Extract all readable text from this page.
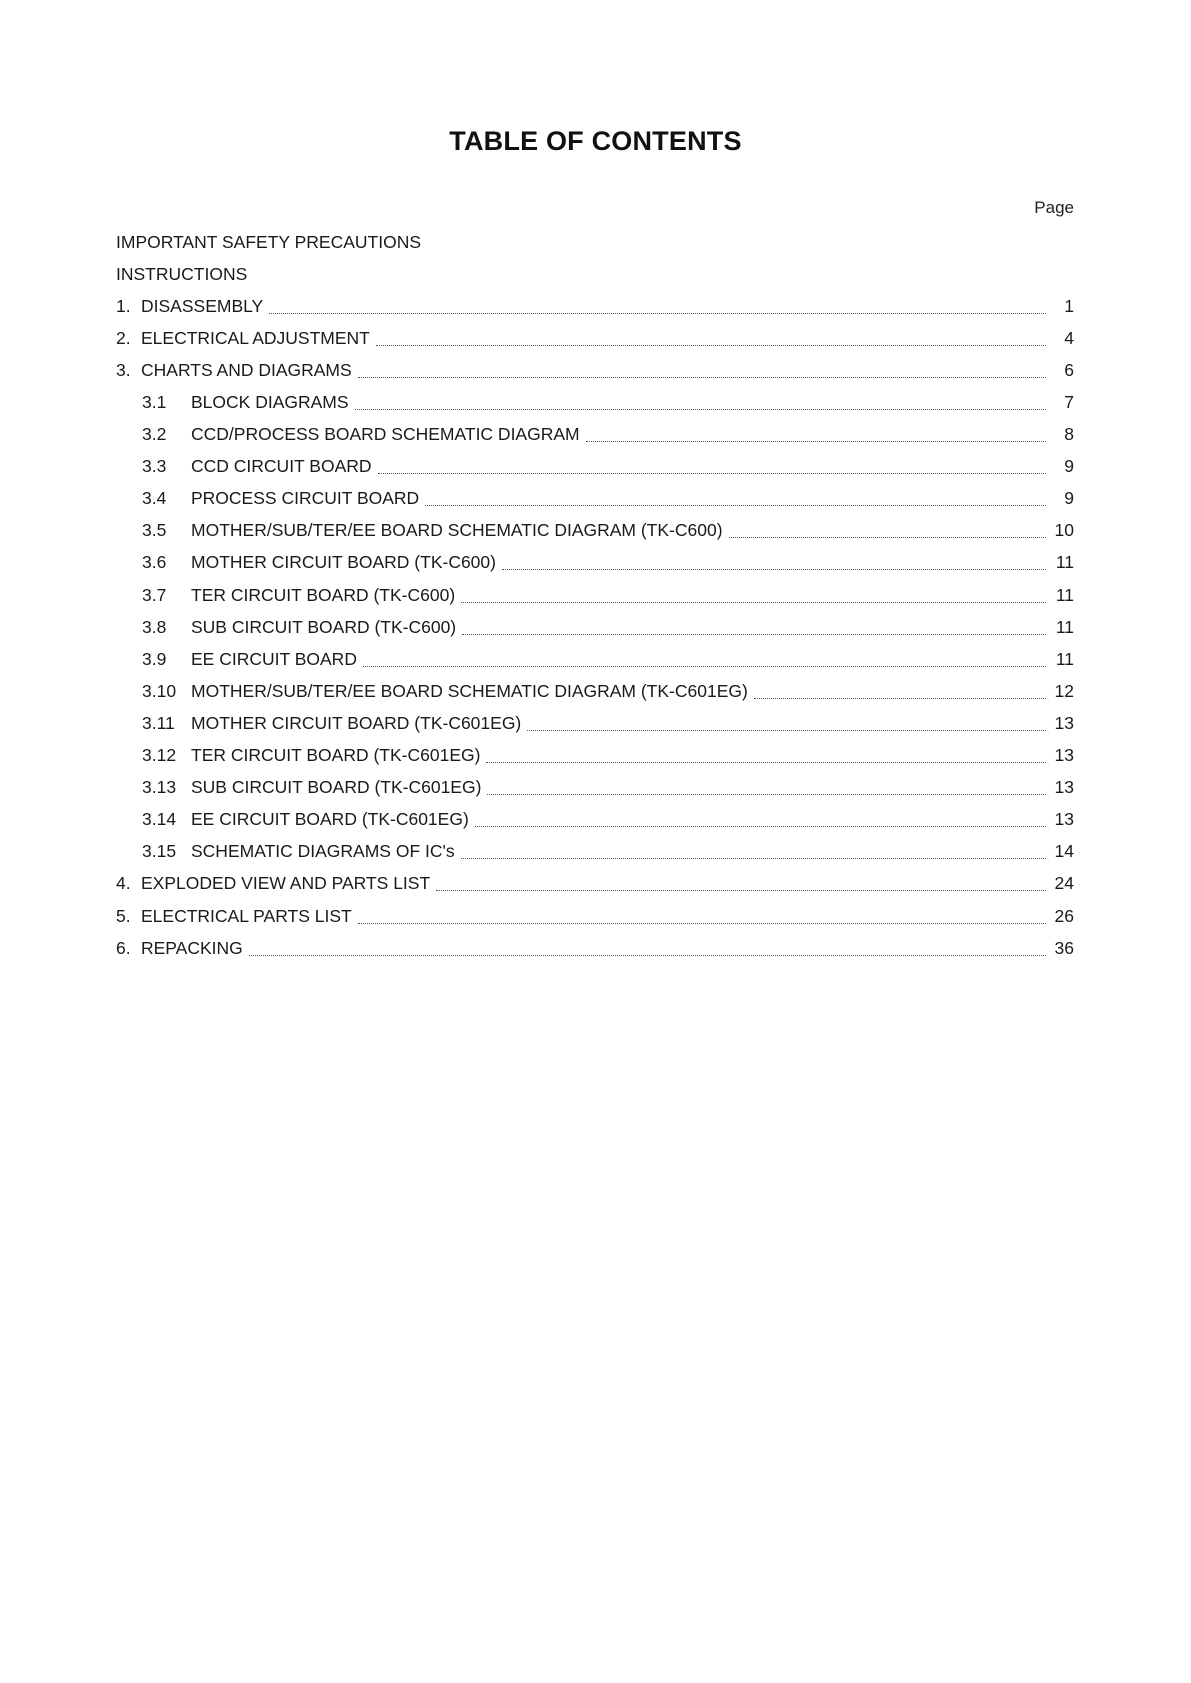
TABLE OF CONTENTS
Page
IMPORTANT SAFETY PRECAUTIONS
INSTRUCTIONS
1. DISASSEMBLY	1
2. ELECTRICAL ADJUSTMENT	4
3. CHARTS AND DIAGRAMS	6
3.1	BLOCK DIAGRAMS	7
3.2	CCD/PROCESS BOARD SCHEMATIC DIAGRAM	8
3.3	CCD CIRCUIT BOARD	9
3.4	PROCESS CIRCUIT BOARD	9
3.5	MOTHER/SUB/TER/EE BOARD SCHEMATIC DIAGRAM (TK-C600)	10
3.6	MOTHER CIRCUIT BOARD (TK-C600)	11
3.7	TER CIRCUIT BOARD (TK-C600)	11
3.8	SUB CIRCUIT BOARD (TK-C600)	11
3.9	EE CIRCUIT BOARD	11
3.10 MOTHER/SUB/TER/EE BOARD SCHEMATIC DIAGRAM (TK-C601EG)	12
3.11 MOTHER CIRCUIT BOARD (TK-C601EG)	13
3.12 TER CIRCUIT BOARD (TK-C601EG)	13
3.13 SUB CIRCUIT BOARD (TK-C601EG)	13
3.14 EE CIRCUIT BOARD (TK-C601EG)	13
3.15 SCHEMATIC DIAGRAMS OF IC's	14
4. EXPLODED VIEW AND PARTS LIST	24
5. ELECTRICAL PARTS LIST	26
6. REPACKING	36
